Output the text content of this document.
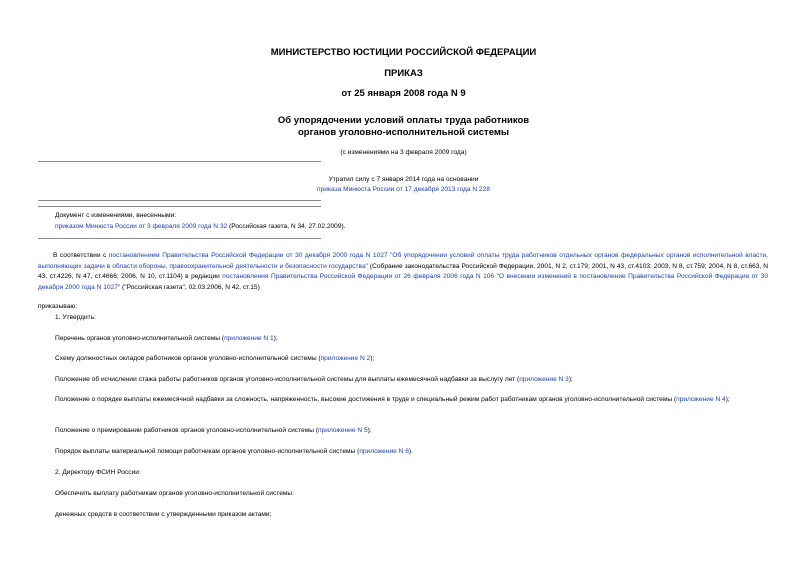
МИНИСТЕРСТВО ЮСТИЦИИ РОССИЙСКОЙ ФЕДЕРАЦИИ
ПРИКАЗ
от 25 января 2008 года N 9
Об упорядочении условий оплаты труда работников
органов уголовно-исполнительной системы
(с изменениями на 3 февраля 2009 года)
Утратил силу с 7 января 2014 года на основании
приказа Минюста России от 17 декабря 2013 года N 228
Документ с изменениями, внесенными:
приказом Минюста России от 3 февраля 2009 года N 32 (Российская газета, N 34, 27.02.2009).
В соответствии с постановлением Правительства Российской Федерации от 30 декабря 2000 года N 1027 "Об упорядочении условий оплаты труда работников отдельных органов федеральных органов исполнительной власти, выполняющих задачи в области обороны, правоохранительной деятельности и безопасности государства" (Собрание законодательства Российской Федерации, 2001, N 2, ст.179; 2001, N 43, ст.4103; 2003, N 8, ст.759; 2004, N 8, ст.663, N 43, ст.4226, N 47, ст.4666; 2006, N 10, ст.1104) в редакции постановления Правительства Российской Федерации от 26 февраля 2006 года N 106 "О внесении изменений в постановление Правительства Российской Федерации от 30 декабря 2000 года N 1027" ("Российская газета", 02.03.2006, N 42, ст.15)
приказываю:
1. Утвердить:
Перечень органов уголовно-исполнительной системы (приложение N 1);
Схему должностных окладов работников органов уголовно-исполнительной системы (приложение N 2);
Положение об исчислении стажа работы работников органов уголовно-исполнительной системы для выплаты ежемесячной надбавки за выслугу лет (приложение N 3);
Положение о порядке выплаты ежемесячной надбавки за сложность, напряженность, высокие достижения в труде и специальный режим работ работникам органов уголовно-исполнительной системы (приложение N 4);
Положение о премировании работников органов уголовно-исполнительной системы (приложение N 5);
Порядок выплаты материальной помощи работникам органов уголовно-исполнительной системы (приложение N 6).
2. Директору ФСИН России:
Обеспечить выплату работникам органов уголовно-исполнительной системы:
денежных средств в соответствии с утвержденными приказом актами;
